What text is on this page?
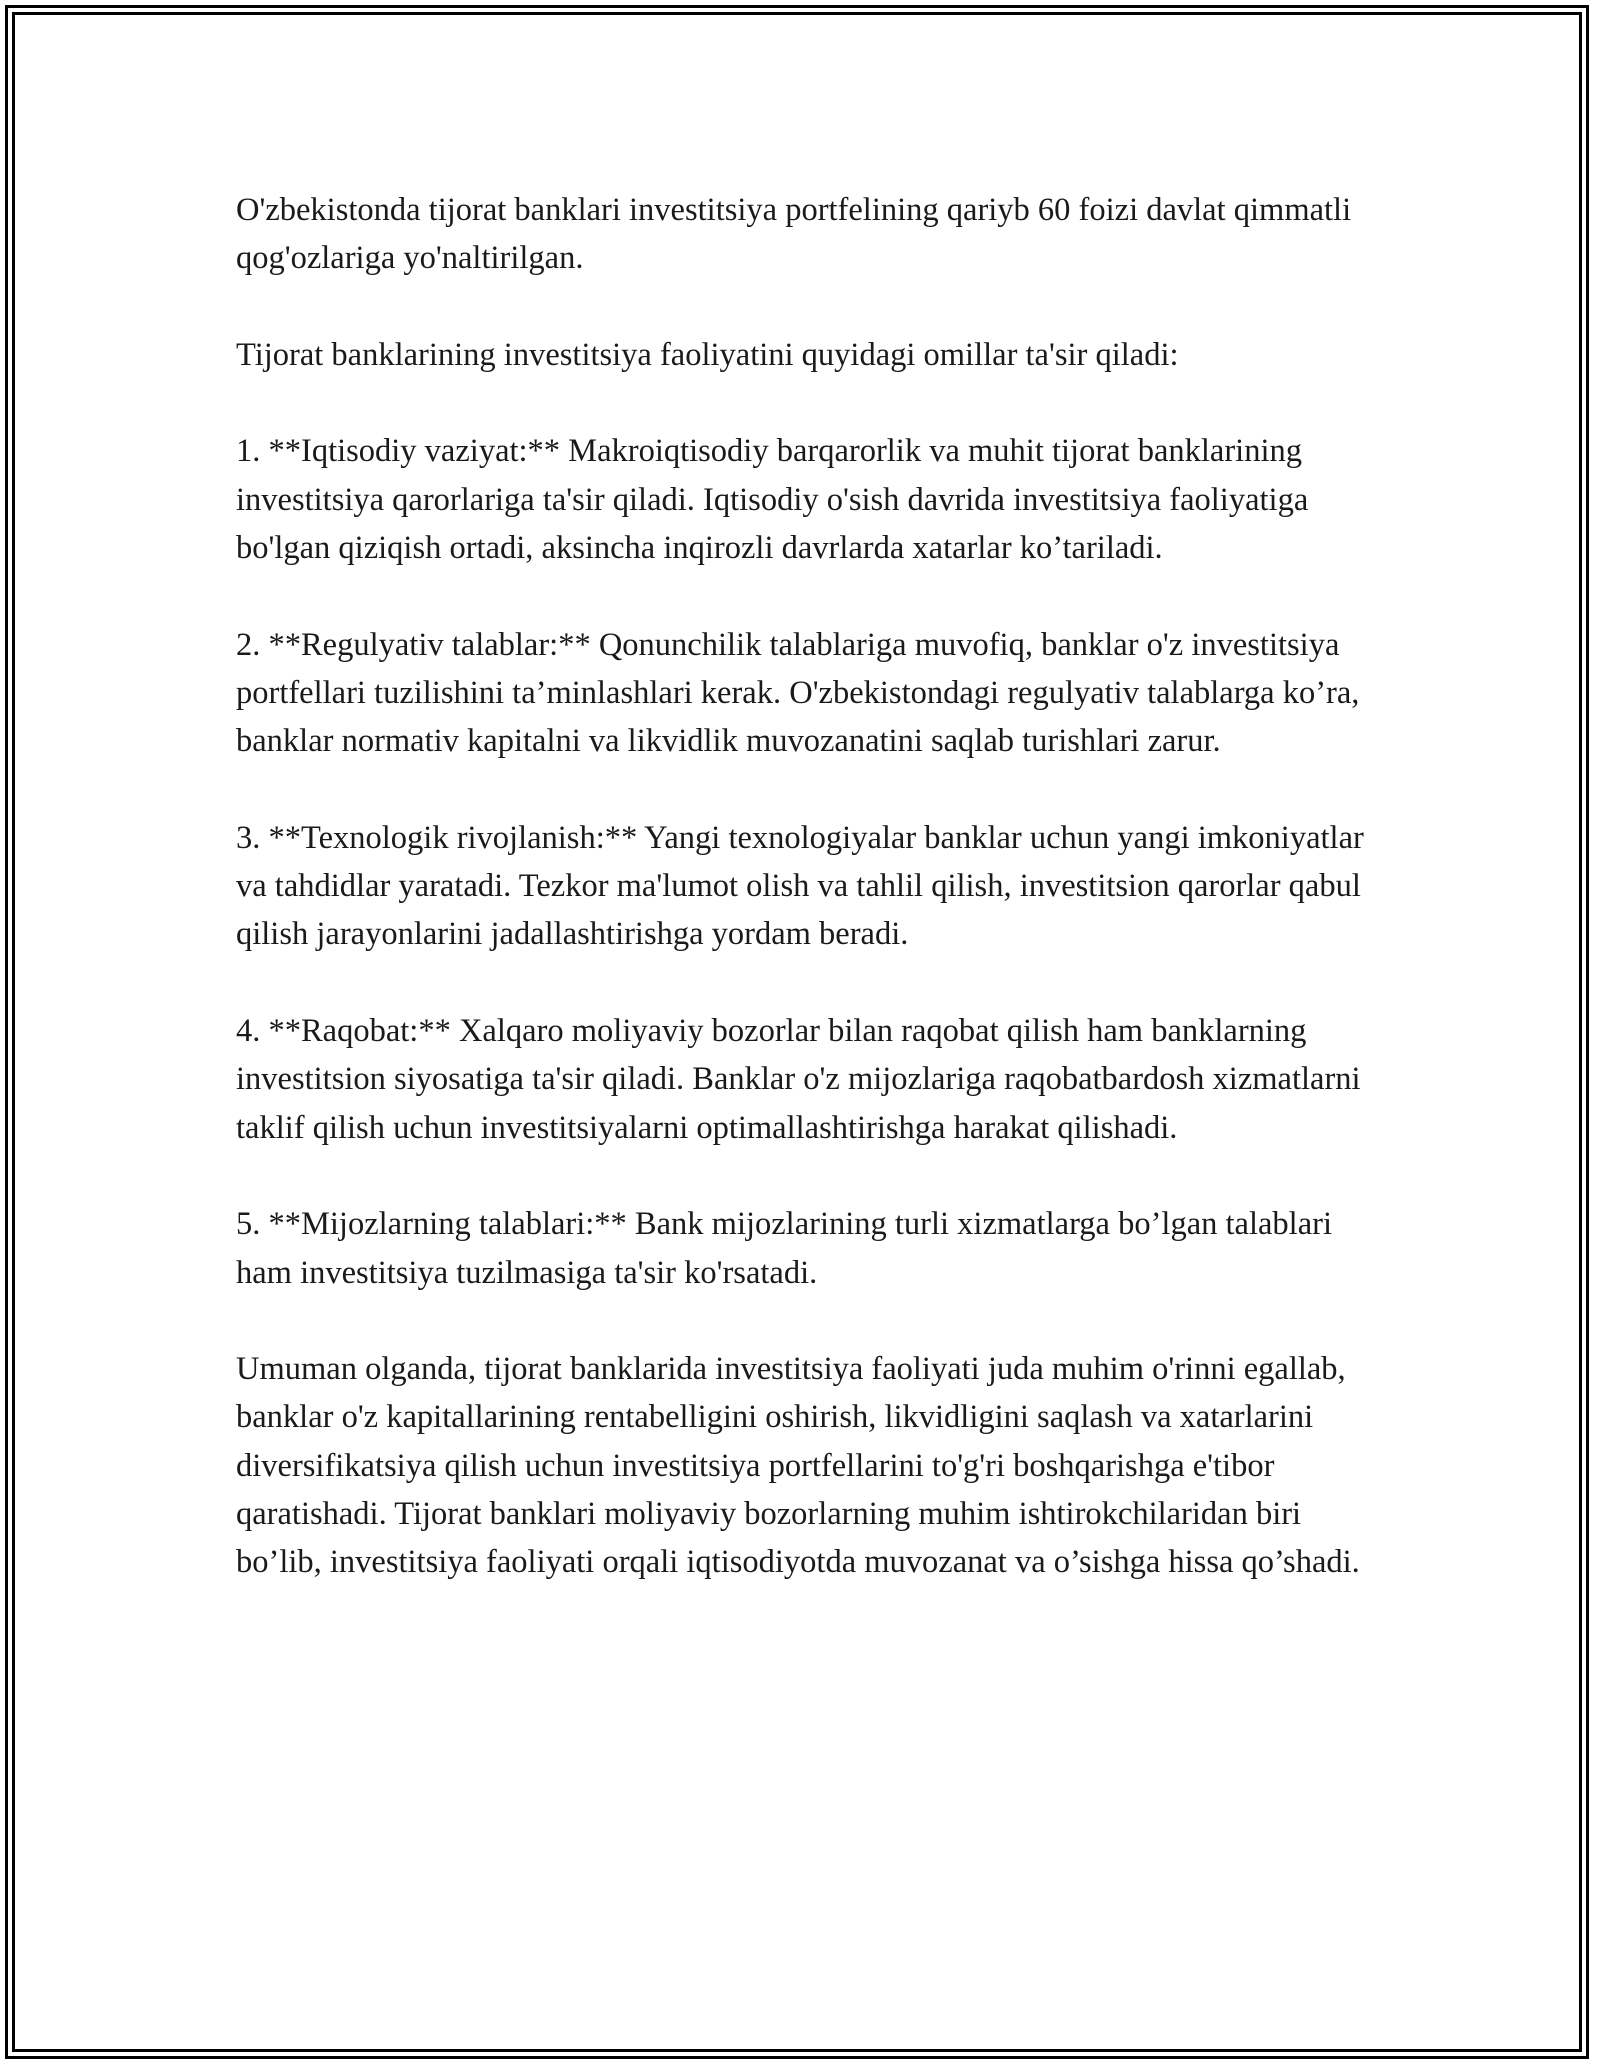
O'zbekistonda tijorat banklari investitsiya portfelining qariyb 60 foizi davlat qimmatli qog'ozlariga yo'naltirilgan.

Tijorat banklarining investitsiya faoliyatini quyidagi omillar ta'sir qiladi:

1. **Iqtisodiy vaziyat:** Makroiqtisodiy barqarorlik va muhit tijorat banklarining investitsiya qarorlariga ta'sir qiladi. Iqtisodiy o'sish davrida investitsiya faoliyatiga bo'lgan qiziqish ortadi, aksincha inqirozli davrlarda xatarlar ko’tariladi.

2. **Regulyativ talablar:** Qonunchilik talablariga muvofiq, banklar o'z investitsiya portfellari tuzilishini ta’minlashlari kerak. O'zbekistondagi regulyativ talablarga ko’ra, banklar normativ kapitalni va likvidlik muvozanatini saqlab turishlari zarur.

3. **Texnologik rivojlanish:** Yangi texnologiyalar banklar uchun yangi imkoniyatlar va tahdidlar yaratadi. Tezkor ma'lumot olish va tahlil qilish, investitsion qarorlar qabul qilish jarayonlarini jadallashtirishga yordam beradi.

4. **Raqobat:** Xalqaro moliyaviy bozorlar bilan raqobat qilish ham banklarning investitsion siyosatiga ta'sir qiladi. Banklar o'z mijozlariga raqobatbardosh xizmatlarni taklif qilish uchun investitsiyalarni optimallashtirishga harakat qilishadi.

5. **Mijozlarning talablari:** Bank mijozlarining turli xizmatlarga bo’lgan talablari ham investitsiya tuzilmasiga ta'sir ko'rsatadi.

Umuman olganda, tijorat banklarida investitsiya faoliyati juda muhim o'rinni egallab, banklar o'z kapitallarining rentabelligini oshirish, likvidligini saqlash va xatarlarini diversifikatsiya qilish uchun investitsiya portfellarini to'g'ri boshqarishga e'tibor qaratishadi. Tijorat banklari moliyaviy bozorlarning muhim ishtirokchilaridan biri bo’lib, investitsiya faoliyati orqali iqtisodiyotda muvozanat va o’sishga hissa qo’shadi.
